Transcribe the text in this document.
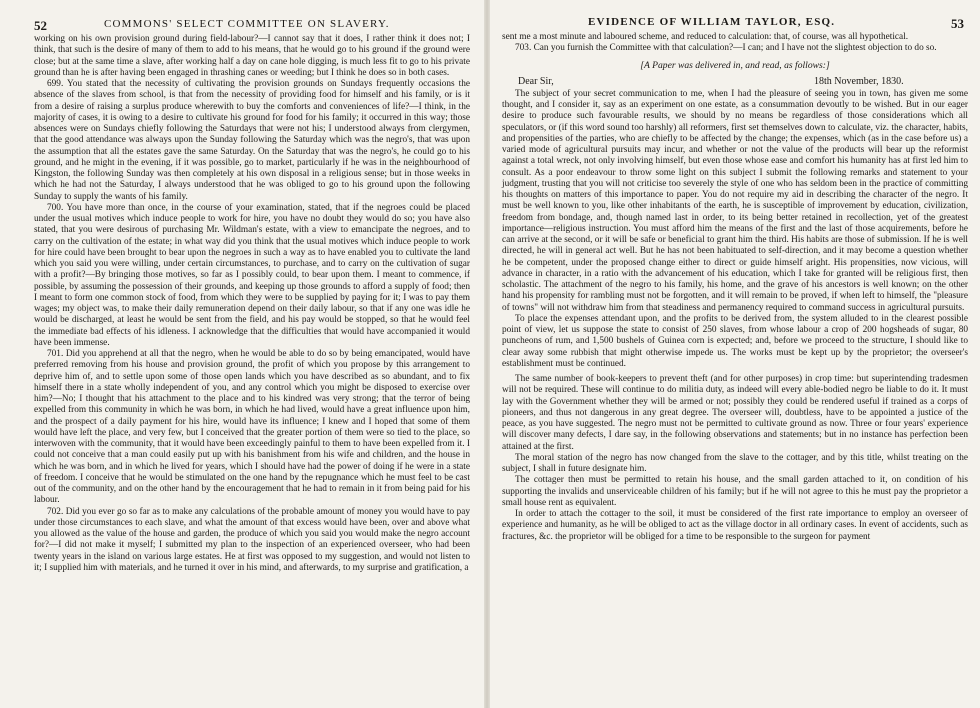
52	COMMONS' SELECT COMMITTEE ON SLAVERY.

working on his own provision ground during field-labour?—I cannot say that it does, I rather think it does not; I think, that such is the desire of many of them to add to his means, that he would go to his ground if the ground were close; but at the same time a slave, after working half a day on cane hole digging, is much less fit to go to his private ground than he is after having been engaged in thrashing canes or weeding; but I think he does so in both cases.

699. You stated that the necessity of cultivating the provision grounds on Sundays frequently occasions the absence of the slaves from school, is that from the necessity of providing food for himself and his family, or is it from a desire of raising a surplus produce wherewith to buy the comforts and conveniences of life?—I think, in the majority of cases, it is owing to a desire to cultivate his ground for food for his family; it occurred in this way; those absences were on Sundays chiefly following the Saturdays that were not his; I understood always from clergymen, that the good attendance was always upon the Sunday following the Saturday which was the negro's, that was upon the assumption that all the estates gave the same Saturday. On the Saturday that was the negro's, he could go to his ground, and he might in the evening, if it was possible, go to market, particularly if he was in the neighbourhood of Kingston, the following Sunday was then completely at his own disposal in a religious sense; but in those weeks in which he had not the Saturday, I always understood that he was obliged to go to his ground upon the following Sunday to supply the wants of his family.

700. You have more than once, in the course of your examination, stated, that if the negroes could be placed under the usual motives which induce people to work for hire, you have no doubt they would do so; you have also stated, that you were desirous of purchasing Mr. Wildman's estate, with a view to emancipate the negroes, and to carry on the cultivation of the estate; in what way did you think that the usual motives which induce people to work for hire could have been brought to bear upon the negroes in such a way as to have enabled you to cultivate the land which you said you were willing, under certain circumstances, to purchase, and to carry on the cultivation of sugar with a profit?—By bringing those motives, so far as I possibly could, to bear upon them. I meant to commence, if possible, by assuming the possession of their grounds, and keeping up those grounds to afford a supply of food; then I meant to form one common stock of food, from which they were to be supplied by paying for it; I was to pay them wages; my object was, to make their daily remuneration depend on their daily labour, so that if any one was idle he would be discharged, at least he would be sent from the field, and his pay would be stopped, so that he would feel the immediate bad effects of his idleness. I acknowledge that the difficulties that would have accompanied it would have been immense.

701. Did you apprehend at all that the negro, when he would be able to do so by being emancipated, would have preferred removing from his house and provision ground, the profit of which you propose by this arrangement to deprive him of, and to settle upon some of those open lands which you have described as so abundant, and to fix himself there in a state wholly independent of you, and any control which you might be disposed to exercise over him?—No; I thought that his attachment to the place and to his kindred was very strong; that the terror of being expelled from this community in which he was born, in which he had lived, would have a great influence upon him, and the prospect of a daily payment for his hire, would have its influence; I knew and I hoped that some of them would have left the place, and very few, but I conceived that the greater portion of them were so tied to the place, so interwoven with the community, that it would have been exceedingly painful to them to have been expelled from it. I could not conceive that a man could easily put up with his banishment from his wife and children, and the house in which he was born, and in which he lived for years, which I should have had the power of doing if he were in a state of freedom. I conceive that he would be stimulated on the one hand by the repugnance which he must feel to be cast out of the community, and on the other hand by the encouragement that he had to remain in it from being paid for his labour.

702. Did you ever go so far as to make any calculations of the probable amount of money you would have to pay under those circumstances to each slave, and what the amount of that excess would have been, over and above what you allowed as the value of the house and garden, the produce of which you said you would make the negro account for?—I did not make it myself; I submitted my plan to the inspection of an experienced overseer, who had been twenty years in the island on various large estates. He at first was opposed to my suggestion, and would not listen to it; I supplied him with materials, and he turned it over in his mind, and afterwards, to my surprise and gratification, a

EVIDENCE OF WILLIAM TAYLOR, ESQ.	53

sent me a most minute and laboured scheme, and reduced to calculation: that, of course, was all hypothetical.

703. Can you furnish the Committee with that calculation?—I can; and I have not the slightest objection to do so.

[A Paper was delivered in, and read, as follows:]

Dear Sir,	18th November, 1830.

The subject of your secret communication to me, when I had the pleasure of seeing you in town, has given me some thought, and I consider it, say as an experiment on one estate, as a consummation devoutly to be wished. But in our eager desire to produce such favourable results, we should by no means be regardless of those considerations which all speculators, or (if this word sound too harshly) all reformers, first set themselves down to calculate, viz. the character, habits, and propensities of the parties, who are chiefly to be affected by the change; the expenses, which (as in the case before us) a varied mode of agricultural pursuits may incur, and whether or not the value of the products will bear up the reformist against a total wreck, not only involving himself, but even those whose ease and comfort his humanity has at first led him to consult. As a poor endeavour to throw some light on this subject I submit the following remarks and statement to your judgment, trusting that you will not criticise too severely the style of one who has seldom been in the practice of committing his thoughts on matters of this importance to paper. You do not require my aid in describing the character of the negro. It must be well known to you, like other inhabitants of the earth, he is susceptible of improvement by education, civilization, freedom from bondage, and, though named last in order, to its being better retained in recollection, yet of the greatest importance—religious instruction. You must afford him the means of the first and the last of those acquirements, before he can arrive at the second, or it will be safe or beneficial to grant him the third. His habits are those of submission. If he is well directed, he will in general act well. But he has not been habituated to self-direction, and it may become a question whether he be competent, under the proposed change either to direct or guide himself aright. His propensities, now vicious, will advance in character, in a ratio with the advancement of his education, which I take for granted will be religious first, then scholastic. The attachment of the negro to his family, his home, and the grave of his ancestors is well known; on the other hand his propensity for rambling must not be forgotten, and it will remain to be proved, if when left to himself, the "pleasure of towns" will not withdraw him from that steadiness and permanency required to command success in agricultural pursuits.

To place the expenses attendant upon, and the profits to be derived from, the system alluded to in the clearest possible point of view, let us suppose the state to consist of 250 slaves, from whose labour a crop of 200 hogsheads of sugar, 80 puncheons of rum, and 1,500 bushels of Guinea corn is expected; and, before we proceed to the structure, I should like to clear away some rubbish that might otherwise impede us. The works must be kept up by the proprietor; the overseer's establishment must be continued.

The same number of book-keepers to prevent theft (and for other purposes) in crop time: but superintending tradesmen will not be required. These will continue to do militia duty, as indeed will every able-bodied negro be liable to do it. It must lay with the Government whether they will be armed or not; possibly they could be rendered useful if trained as a corps of pioneers, and thus not dangerous in any great degree. The overseer will, doubtless, have to be appointed a justice of the peace, as you have suggested. The negro must not be permitted to cultivate ground as now. Three or four years' experience will discover many defects, I dare say, in the following observations and statements; but in no instance has perfection been attained at the first.

The moral station of the negro has now changed from the slave to the cottager, and by this title, whilst treating on the subject, I shall in future designate him.

The cottager then must be permitted to retain his house, and the small garden attached to it, on condition of his supporting the invalids and unserviceable children of his family; but if he will not agree to this he must pay the proprietor a small house rent as equivalent.

In order to attach the cottager to the soil, it must be considered of the first rate importance to employ an overseer of experience and humanity, as he will be obliged to act as the village doctor in all ordinary cases. In event of accidents, such as fractures, &c. the proprietor will be obliged for a time to be responsible to the surgeon for payment
